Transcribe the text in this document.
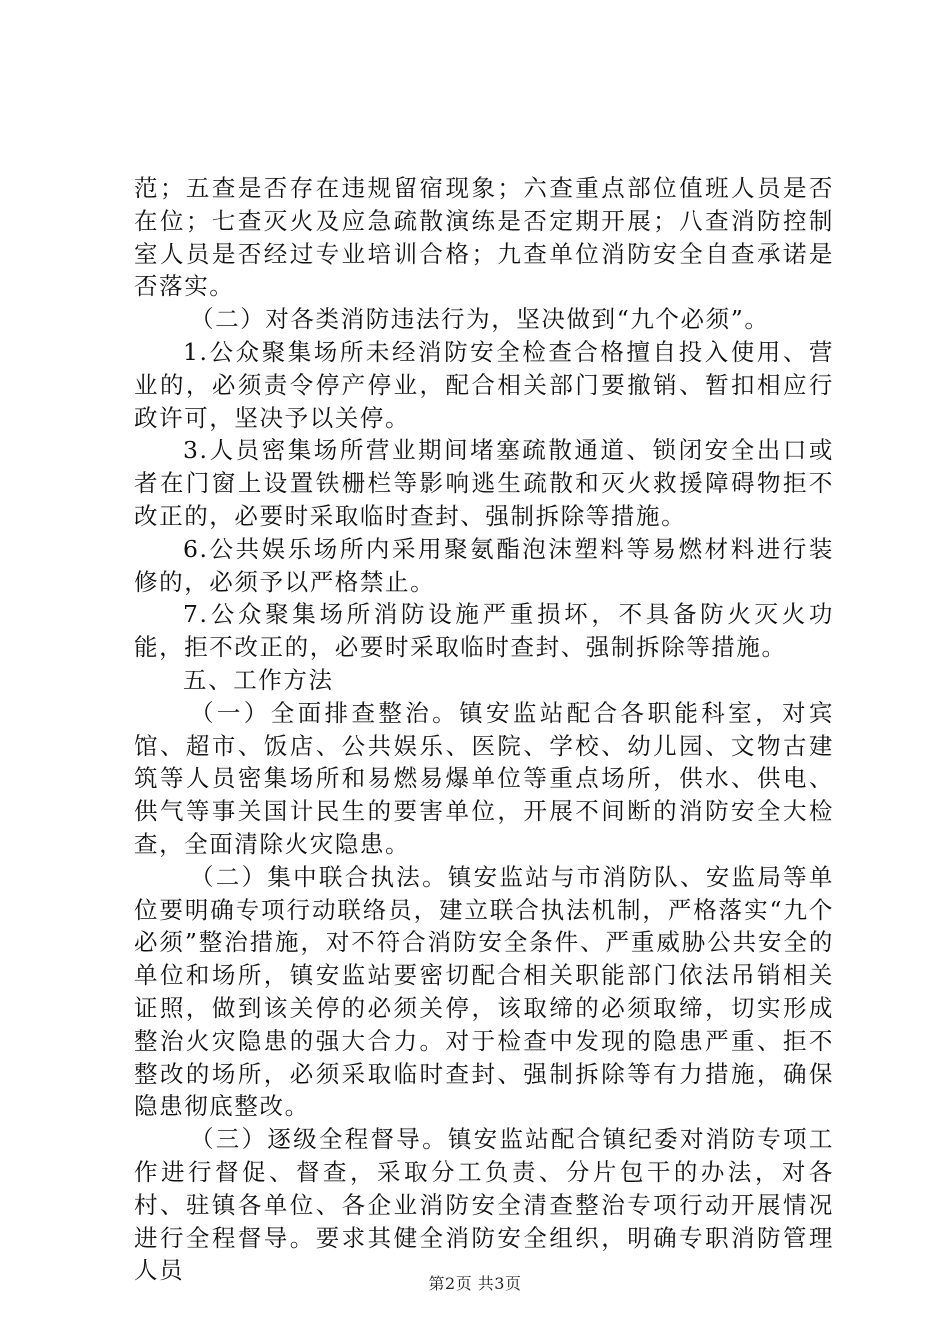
范；五查是否存在违规留宿现象；六查重点部位值班人员是否在位；七查灭火及应急疏散演练是否定期开展；八查消防控制室人员是否经过专业培训合格；九查单位消防安全自查承诺是否落实。

（二）对各类消防违法行为，坚决做到“九个必须”。

1.公众聚集场所未经消防安全检查合格擅自投入使用、营业的，必须责令停产停业，配合相关部门要撤销、暂扣相应行政许可，坚决予以关停。

3.人员密集场所营业期间堵塞疏散通道、锁闭安全出口或者在门窗上设置铁栅栏等影响逃生疏散和灭火救援障碍物拒不改正的，必要时采取临时查封、强制拆除等措施。

6.公共娱乐场所内采用聚氨酯泡沫塑料等易燃材料进行装修的，必须予以严格禁止。

7.公众聚集场所消防设施严重损坏，不具备防火灭火功能，拒不改正的，必要时采取临时查封、强制拆除等措施。

五、工作方法

（一）全面排查整治。镇安监站配合各职能科室，对宾馆、超市、饭店、公共娱乐、医院、学校、幼儿园、文物古建筑等人员密集场所和易燃易爆单位等重点场所，供水、供电、供气等事关国计民生的要害单位，开展不间断的消防安全大检查，全面清除火灾隐患。

（二）集中联合执法。镇安监站与市消防队、安监局等单位要明确专项行动联络员，建立联合执法机制，严格落实“九个必须”整治措施，对不符合消防安全条件、严重威胁公共安全的单位和场所，镇安监站要密切配合相关职能部门依法吊销相关证照，做到该关停的必须关停，该取缔的必须取缔，切实形成整治火灾隐患的强大合力。对于检查中发现的隐患严重、拒不整改的场所，必须采取临时查封、强制拆除等有力措施，确保隐患彻底整改。

（三）逐级全程督导。镇安监站配合镇纪委对消防专项工作进行督促、督查，采取分工负责、分片包干的办法，对各村、驻镇各单位、各企业消防安全清查整治专项行动开展情况进行全程督导。要求其健全消防安全组织，明确专职消防管理人员	第2页 共3页
